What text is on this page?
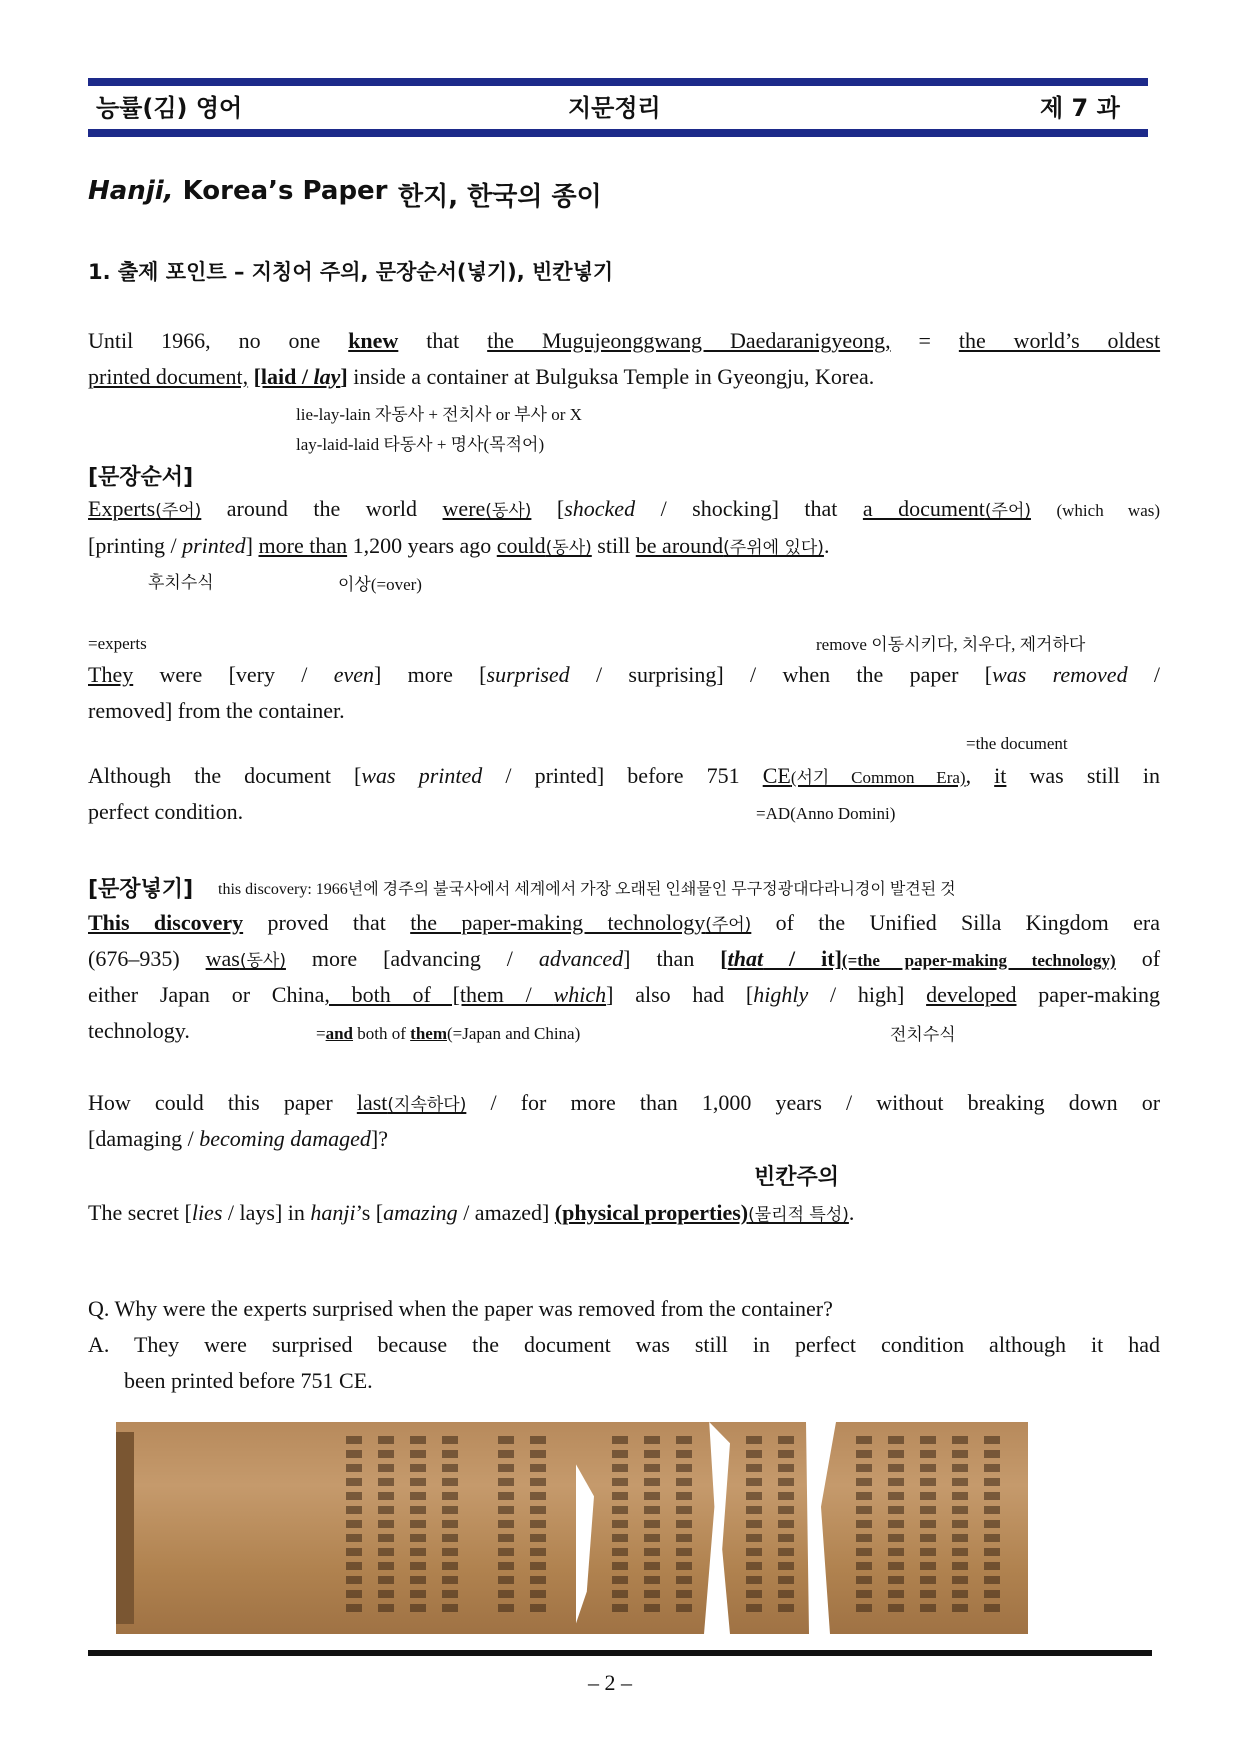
능률(김) 영어	지문정리	제 7 과
Hanji, Korea’s Paper 한지, 한국의 종이
1. 출제 포인트 – 지칭어 주의, 문장순서(넣기), 빈칸넣기
Until 1966, no one knew that the Mugujeonggwang Daedaranigyeong, = the world’s oldest
printed document, [laid / lay] inside a container at Bulguksa Temple in Gyeongju, Korea.
lie-lay-lain 자동사 + 전치사 or 부사 or X
lay-laid-laid 타동사 + 명사(목적어)
[문장순서]
Experts(주어) around the world were(동사) [shocked / shocking] that a document(주어) (which was)
[printing / printed] more than 1,200 years ago could(동사) still be around(주위에 있다).
후치수식	이상(=over)
=experts	remove 이동시키다, 치우다, 제거하다
They were [very / even] more [surprised / surprising] / when the paper [was removed /
removed] from the container.
=the document
Although the document [was printed / printed] before 751 CE(서기 Common Era), it was still in
perfect condition.	=AD(Anno Domini)
[문장넣기] this discovery: 1966년에 경주의 불국사에서 세계에서 가장 오래된 인쇄물인 무구정광대다라니경이 발견된 것
This discovery proved that the paper-making technology(주어) of the Unified Silla Kingdom era
(676–935) was(동사) more [advancing / advanced] than [that / it](=the paper-making technology) of
either Japan or China, both of [them / which] also had [highly / high] developed paper-making
technology.	=and both of them(=Japan and China)	전치수식
How could this paper last(지속하다) / for more than 1,000 years / without breaking down or
[damaging / becoming damaged]?
빈칸주의
The secret [lies / lays] in hanji’s [amazing / amazed] (physical properties)(물리적 특성).
Q. Why were the experts surprised when the paper was removed from the container?
A. They were surprised because the document was still in perfect condition although it had
been printed before 751 CE.
– 2 –
